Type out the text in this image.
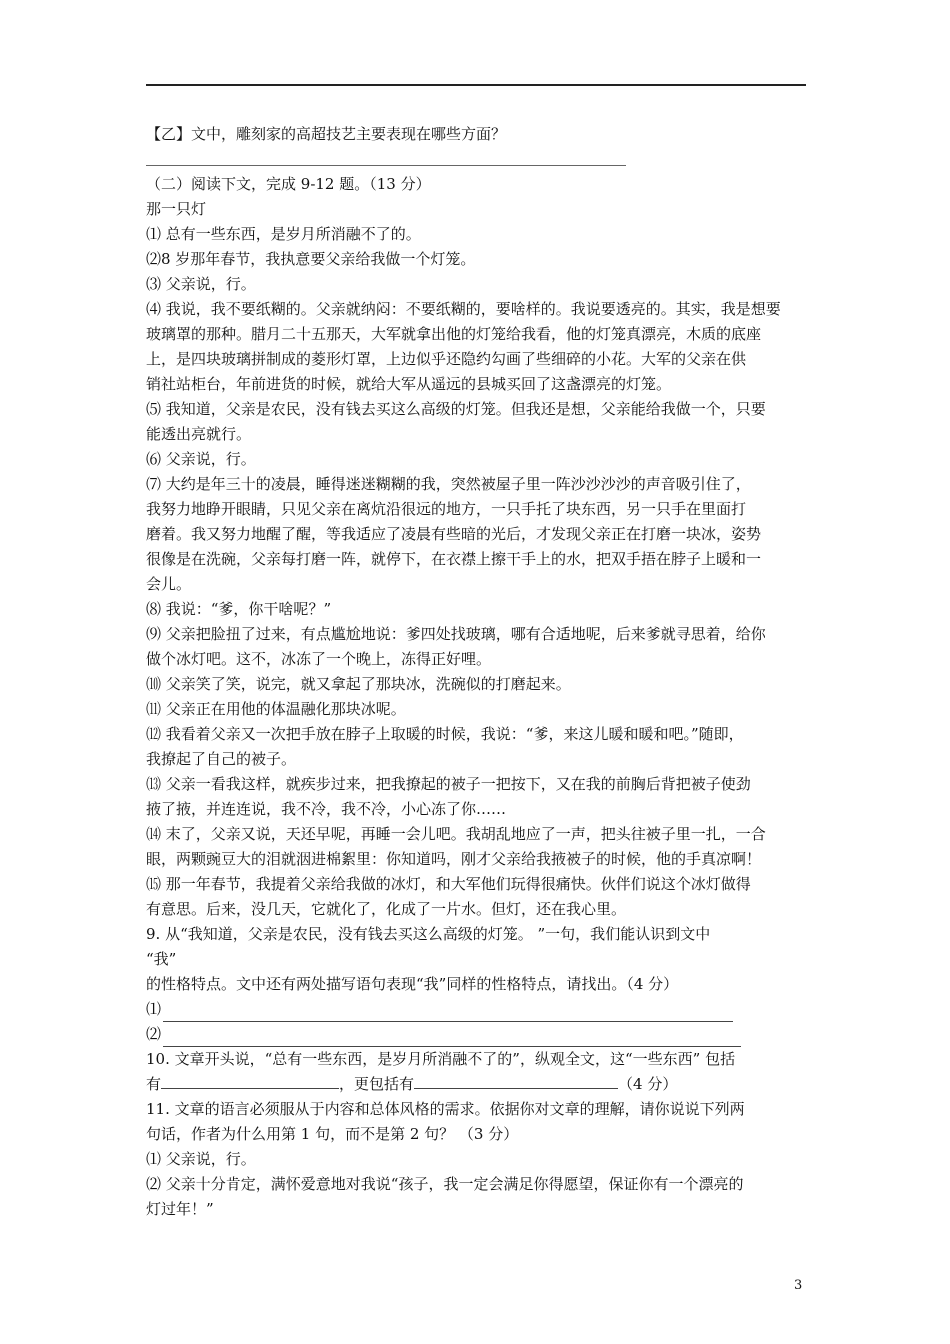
【乙】文中，雕刻家的高超技艺主要表现在哪些方面？
（二）阅读下文，完成 9-12 题。（13 分）
那一只灯
⑴ 总有一些东西，是岁月所消融不了的。
⑵8 岁那年春节，我执意要父亲给我做一个灯笼。
⑶ 父亲说，行。
⑷ 我说，我不要纸糊的。父亲就纳闷：不要纸糊的，要啥样的。我说要透亮的。其实，我是想要
玻璃罩的那种。腊月二十五那天，大军就拿出他的灯笼给我看，他的灯笼真漂亮，木质的底座
上，是四块玻璃拼制成的菱形灯罩，上边似乎还隐约勾画了些细碎的小花。大军的父亲在供
销社站柜台，年前进货的时候，就给大军从遥远的县城买回了这盏漂亮的灯笼。
⑸ 我知道，父亲是农民，没有钱去买这么高级的灯笼。但我还是想，父亲能给我做一个，只要
能透出亮就行。
⑹ 父亲说，行。
⑺ 大约是年三十的凌晨，睡得迷迷糊糊的我，突然被屋子里一阵沙沙沙沙的声音吸引住了，
我努力地睁开眼睛，只见父亲在离炕沿很远的地方，一只手托了块东西，另一只手在里面打
磨着。我又努力地醒了醒，等我适应了凌晨有些暗的光后，才发现父亲正在打磨一块冰，姿势
很像是在洗碗，父亲每打磨一阵，就停下，在衣襟上擦干手上的水，把双手捂在脖子上暖和一
会儿。
⑻ 我说：“爹，你干啥呢？”
⑼ 父亲把脸扭了过来，有点尴尬地说：爹四处找玻璃，哪有合适地呢，后来爹就寻思着，给你
做个冰灯吧。这不，冰冻了一个晚上，冻得正好哩。
⑽ 父亲笑了笑，说完，就又拿起了那块冰，洗碗似的打磨起来。
⑾ 父亲正在用他的体温融化那块冰呢。
⑿ 我看着父亲又一次把手放在脖子上取暖的时候，我说：“爹，来这儿暖和暖和吧。”随即，
我撩起了自己的被子。
⒀ 父亲一看我这样，就疾步过来，把我撩起的被子一把按下，又在我的前胸后背把被子使劲
掖了掖，并连连说，我不冷，我不冷，小心冻了你……
⒁ 末了，父亲又说，天还早呢，再睡一会儿吧。我胡乱地应了一声，把头往被子里一扎，一合
眼，两颗豌豆大的泪就洇进棉絮里：你知道吗，刚才父亲给我掖被子的时候，他的手真凉啊！
⒂ 那一年春节，我提着父亲给我做的冰灯，和大军他们玩得很痛快。伙伴们说这个冰灯做得
有意思。后来，没几天，它就化了，化成了一片水。但灯，还在我心里。
9. 从“我知道，父亲是农民，没有钱去买这么高级的灯笼。 ”一句，我们能认识到文中
“我”
的性格特点。文中还有两处描写语句表现“我”同样的性格特点，请找出。（4 分）
⑴
⑵
10. 文章开头说，“总有一些东西，是岁月所消融不了的”，纵观全文，这“一些东西” 包括
有	，更包括有	（4 分）
11. 文章的语言必须服从于内容和总体风格的需求。依据你对文章的理解，请你说说下列两
句话，作者为什么用第 1 句，而不是第 2 句？ （3 分）
⑴ 父亲说，行。
⑵ 父亲十分肯定，满怀爱意地对我说“孩子，我一定会满足你得愿望，保证你有一个漂亮的
灯过年！”
3
